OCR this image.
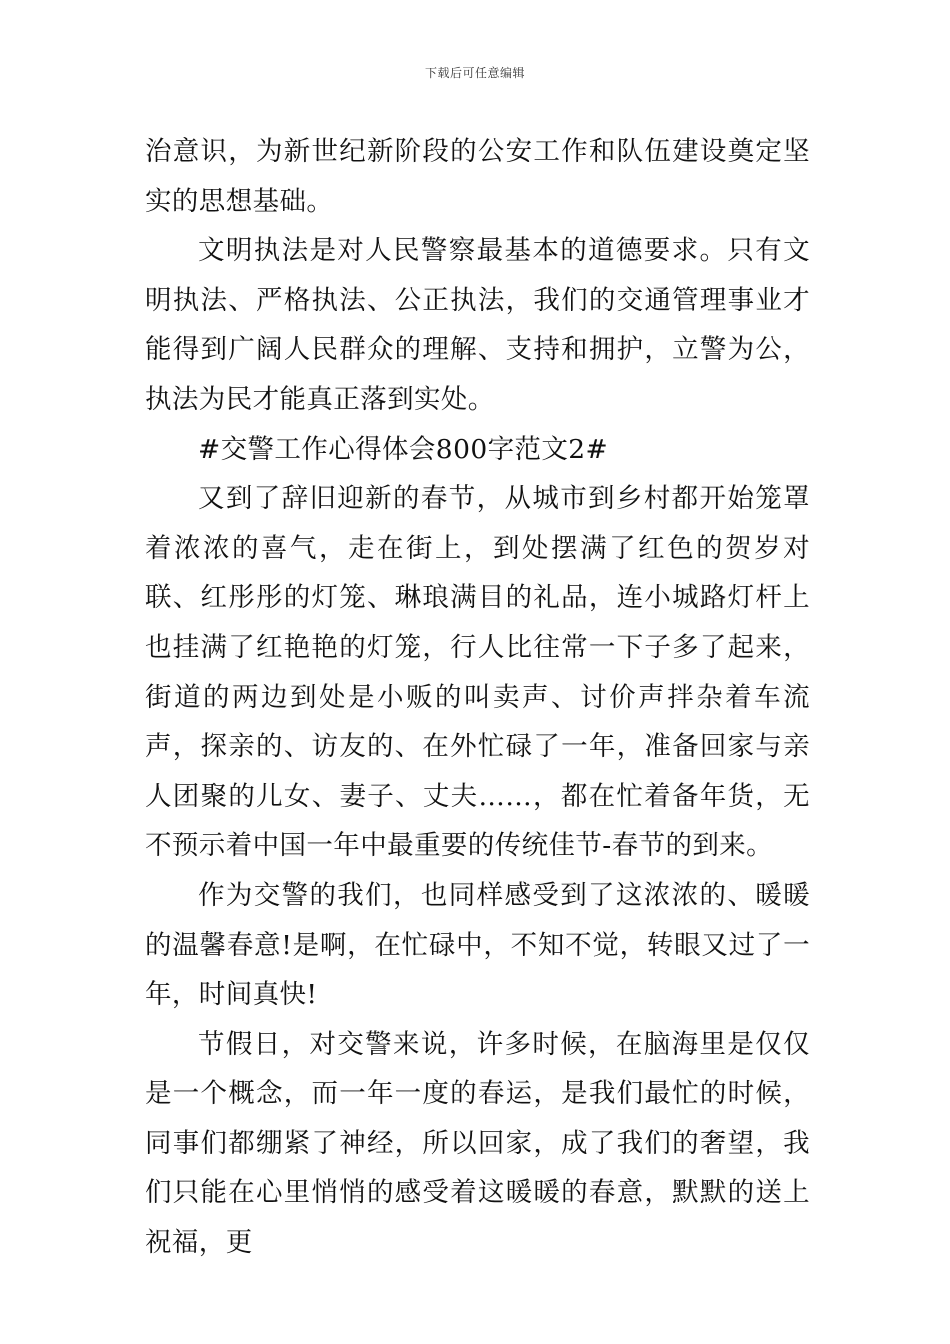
下载后可任意编辑

治意识，为新世纪新阶段的公安工作和队伍建设奠定坚实的思想基础。

文明执法是对人民警察最基本的道德要求。只有文明执法、严格执法、公正执法，我们的交通管理事业才能得到广阔人民群众的理解、支持和拥护，立警为公，执法为民才能真正落到实处。

#交警工作心得体会800字范文2#

又到了辞旧迎新的春节，从城市到乡村都开始笼罩着浓浓的喜气，走在街上，到处摆满了红色的贺岁对联、红彤彤的灯笼、琳琅满目的礼品，连小城路灯杆上也挂满了红艳艳的灯笼，行人比往常一下子多了起来，街道的两边到处是小贩的叫卖声、讨价声拌杂着车流声，探亲的、访友的、在外忙碌了一年，准备回家与亲人团聚的儿女、妻子、丈夫……，都在忙着备年货，无不预示着中国一年中最重要的传统佳节-春节的到来。

作为交警的我们，也同样感受到了这浓浓的、暖暖的温馨春意!是啊，在忙碌中，不知不觉，转眼又过了一年，时间真快!

节假日，对交警来说，许多时候，在脑海里是仅仅是一个概念，而一年一度的春运，是我们最忙的时候，同事们都绷紧了神经，所以回家，成了我们的奢望，我们只能在心里悄悄的感受着这暖暖的春意，默默的送上祝福，更
